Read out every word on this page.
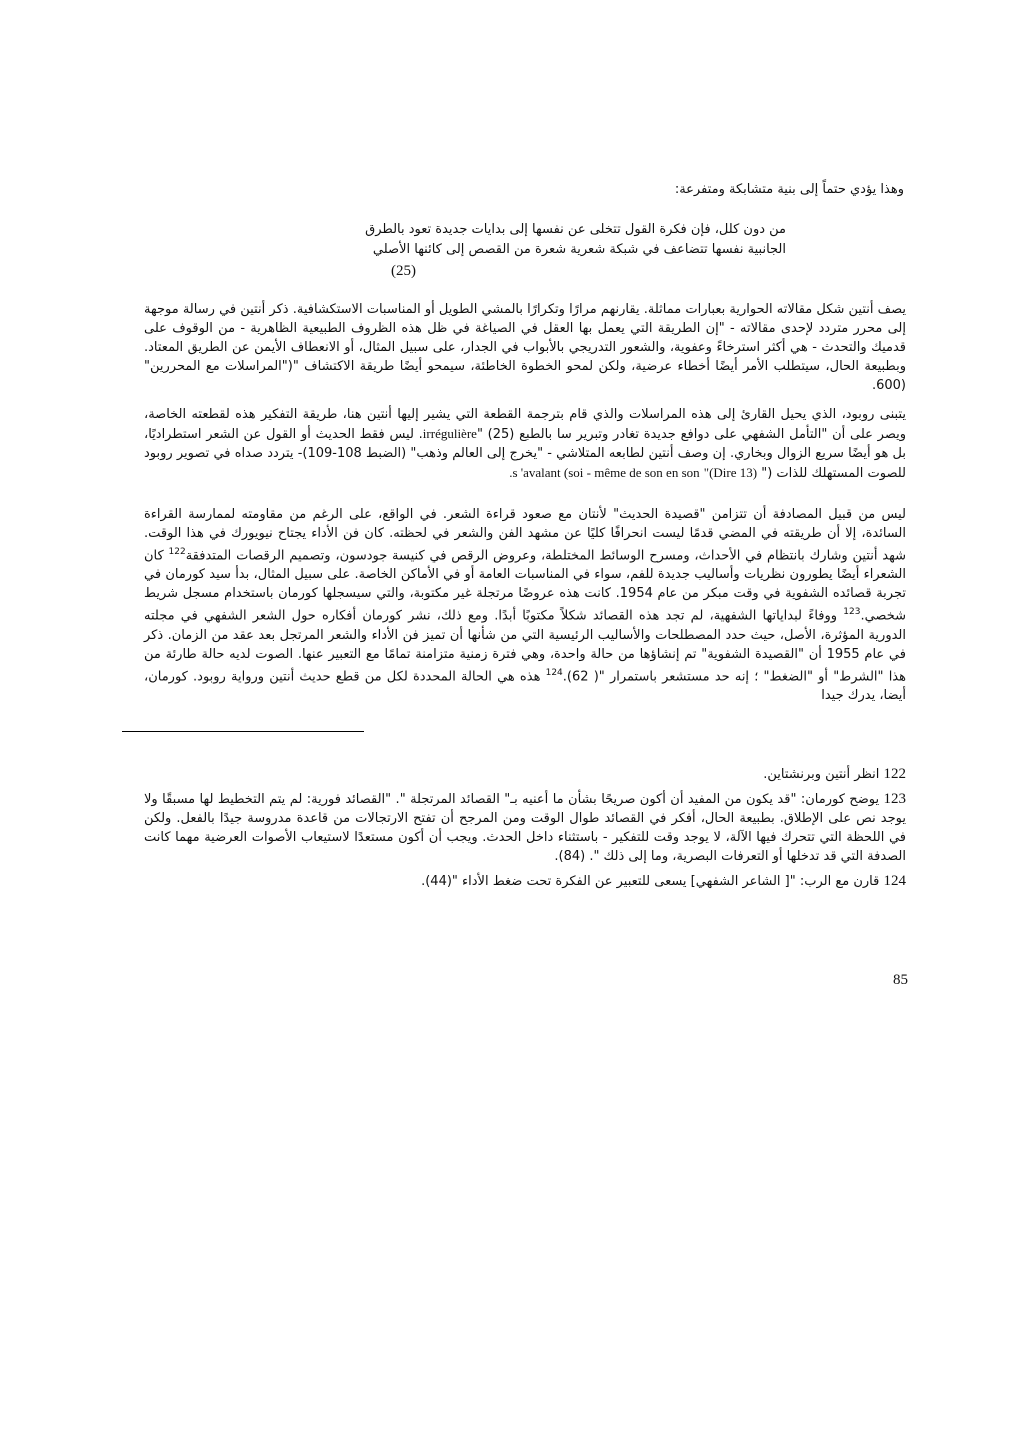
وهذا يؤدي حتماً إلى بنية متشابكة ومتفرعة:
من دون كلل، فإن فكرة القول تتخلى عن نفسها إلى بدايات جديدة تعود بالطرق الجانبية نفسها تتضاعف في شبكة شعرية شعرة من القصص إلى كائنها الأصلي
(25)
يصف أنتين شكل مقالاته الحوارية بعبارات مماثلة. يقارنهم مرارًا وتكرارًا بالمشي الطويل أو المناسبات الاستكشافية. ذكر أنتين في رسالة موجهة إلى محرر متردد لإحدى مقالاته - "إن الطريقة التي يعمل بها العقل في الصياغة في ظل هذه الظروف الطبيعية الظاهرية - من الوقوف على قدميك والتحدث - هي أكثر استرخاءً وعفوية، والشعور التدريجي بالأبواب في الجدار، على سبيل المثال، أو الانعطاف الأيمن عن الطريق المعتاد. وبطبيعة الحال، سيتطلب الأمر أيضًا أخطاء عرضية، ولكن لمحو الخطوة الخاطئة، سيمحو أيضًا طريقة الاكتشاف "("المراسلات مع المحررين" (600.
يتبنى روبود، الذي يحيل القارئ إلى هذه المراسلات والذي قام بترجمة القطعة التي يشير إليها أنتين هنا، طريقة التفكير هذه لقطعته الخاصة، ويصر على أن "التأمل الشفهي على دوافع جديدة تغادر وتبرير سا بالطبع irrégulière" (25). ليس فقط الحديث أو القول عن الشعر استطراديًا، بل هو أيضًا سريع الزوال وبخاري. إن وصف أنتين لطابعه المتلاشي - "يخرج إلى العالم وذهب" (الضبط 108-109)- يتردد صداه في تصوير روبود للصوت المستهلك للذات (" s 'avalant (soi - même de son en son "(Dire 13).
ليس من قبيل المصادفة أن تتزامن "قصيدة الحديث" لأنتان مع صعود قراءة الشعر. في الواقع، على الرغم من مقاومته لممارسة القراءة السائدة، إلا أن طريقته في المضي قدمًا ليست انحرافًا كليًا عن مشهد الفن والشعر في لحظته. كان فن الأداء يجتاح نيويورك في هذا الوقت. شهد أنتين وشارك بانتظام في الأحداث، ومسرح الوسائط المختلطة، وعروض الرقص في كنيسة جودسون، وتصميم الرقصات المتدفقة$^{122}$ كان الشعراء أيضًا يطورون نظريات وأساليب جديدة للفم، سواء في المناسبات العامة أو في الأماكن الخاصة. على سبيل المثال، بدأ سيد كورمان في تجربة قصائده الشفوية في وقت مبكر من عام 1954. كانت هذه عروضًا مرتجلة غير مكتوبة، والتي سيسجلها كورمان باستخدام مسجل شريط شخصي.$^{123}$ ووفاءً لبداياتها الشفهية، لم تجد هذه القصائد شكلاً مكتوبًا أبدًا. ومع ذلك، نشر كورمان أفكاره حول الشعر الشفهي في مجلته الدورية المؤثرة، الأصل، حيث حدد المصطلحات والأساليب الرئيسية التي من شأنها أن تميز فن الأداء والشعر المرتجل بعد عقد من الزمان. ذكر في عام 1955 أن "القصيدة الشفوية" تم إنشاؤها من حالة واحدة، وهي فترة زمنية متزامنة تمامًا مع التعبير عنها. الصوت لديه حالة طارئة من هذا "الشرط" أو "الضغط" ؛ إنه حد مستشعر باستمرار "( 62).$^{124}$ هذه هي الحالة المحددة لكل من قطع حديث أنتين ورواية روبود. كورمان، أيضا، يدرك جيدا
122 انظر أنتين وبرنشتاين.
123 يوضح كورمان: "قد يكون من المفيد أن أكون صريحًا بشأن ما أعنيه بـ" القصائد المرتجلة ". "القصائد فورية: لم يتم التخطيط لها مسبقًا ولا يوجد نص على الإطلاق. بطبيعة الحال، أفكر في القصائد طوال الوقت ومن المرجح أن تفتح الارتجالات من قاعدة مدروسة جيدًا بالفعل. ولكن في اللحظة التي تتحرك فيها الآلة، لا يوجد وقت للتفكير - باستثناء داخل الحدث. ويجب أن أكون مستعدًا لاستيعاب الأصوات العرضية مهما كانت الصدفة التي قد تدخلها أو التعرفات البصرية، وما إلى ذلك ". (84).
124 قارن مع الرب: "[ الشاعر الشفهي] يسعى للتعبير عن الفكرة تحت ضغط الأداء "(44).
85
